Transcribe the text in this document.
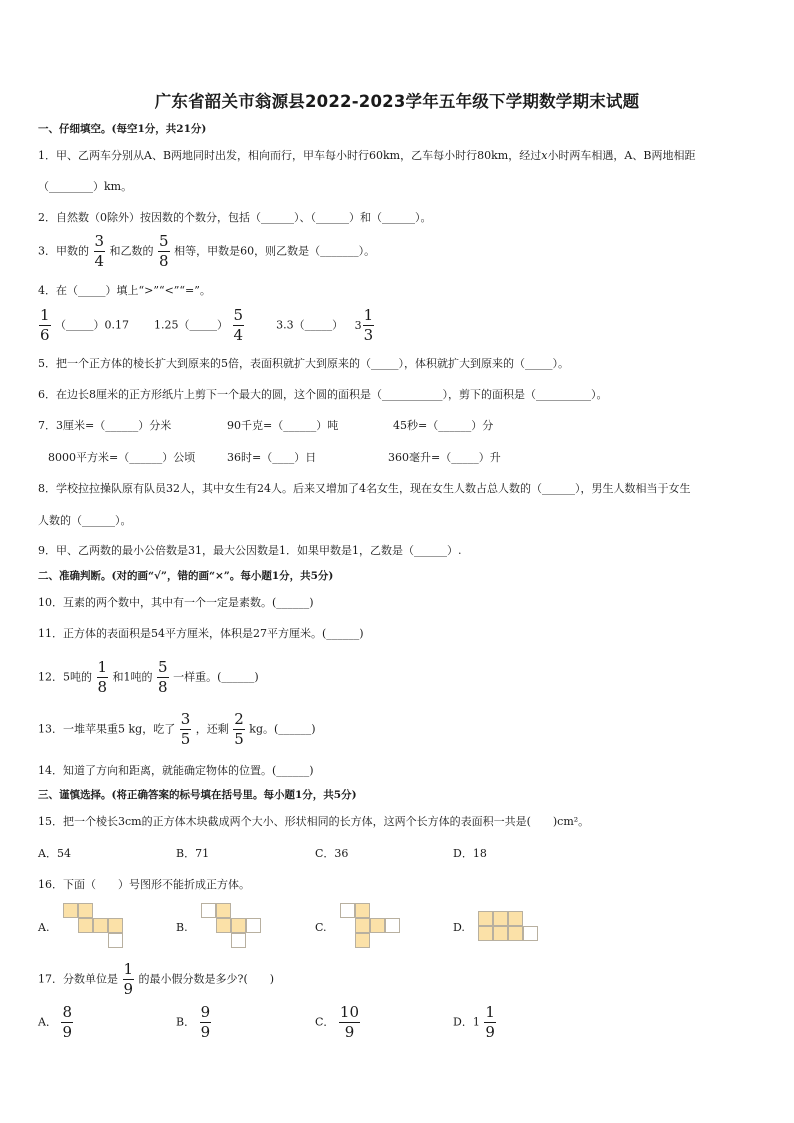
广东省韶关市翁源县2022-2023学年五年级下学期数学期末试题
一、仔细填空。(每空1分，共21分)
1．甲、乙两车分别从A、B两地同时出发，相向而行，甲车每小时行60km，乙车每小时行80km，经过x小时两车相遇，A、B两地相距
（________）km。
2．自然数（0除外）按因数的个数分，包括（______）、（______）和（______）。
3．甲数的 $\frac{3}{4}$ 和乙数的 $\frac{5}{8}$ 相等，甲数是60，则乙数是（_______）。
4．在（_____）填上“>”“<”“=”。
$\frac{1}{6}$ （_____）0.17 1.25（_____） $\frac{5}{4}$	3.3（_____） $3 \frac{1}{3}$
5．把一个正方体的棱长扩大到原来的5倍，表面积就扩大到原来的（_____），体积就扩大到原来的（_____）。
6．在边长8厘米的正方形纸片上剪下一个最大的圆，这个圆的面积是（___________），剪下的面积是（__________）。
7．3厘米=（______）分米	90千克=（______）吨	45秒=（______）分
8000平方米=（______）公顷	36时=（____）日	360毫升=（_____）升
8．学校拉拉操队原有队员32人，其中女生有24人。后来又增加了4名女生，现在女生人数占总人数的（______），男生人数相当于女生
人数的（______）。
9．甲、乙两数的最小公倍数是31，最大公因数是1．如果甲数是1，乙数是（______）.
二、准确判断。(对的画“√”，错的画“×”。每小题1分，共5分)
10．互素的两个数中，其中有一个一定是素数。(______)
11．正方体的表面积是54平方厘米，体积是27平方厘米。(______)
12．5吨的 $\frac{1}{8}$ 和1吨的 $\frac{5}{8}$ 一样重。(______)
13．一堆苹果重5 kg，吃了 $\frac{3}{5}$ ，还剩 $\frac{2}{5}$ kg。(______)
14．知道了方向和距离，就能确定物体的位置。(______)
三、谨慎选择。(将正确答案的标号填在括号里。每小题1分，共5分)
15．把一个棱长3cm的正方体木块截成两个大小、形状相同的长方体，这两个长方体的表面积一共是(　　)cm²。
A．54	B．71	C．36	D．18
16．下面（　　）号图形不能折成正方体。
A.	B.	C.	D.
17．分数单位是 $\frac{1}{9}$ 的最小假分数是多少?(　　)
A． $\frac{8}{9}$	B． $\frac{9}{9}$	C． $\frac{10}{9}$	D．$1 \frac{1}{9}$
